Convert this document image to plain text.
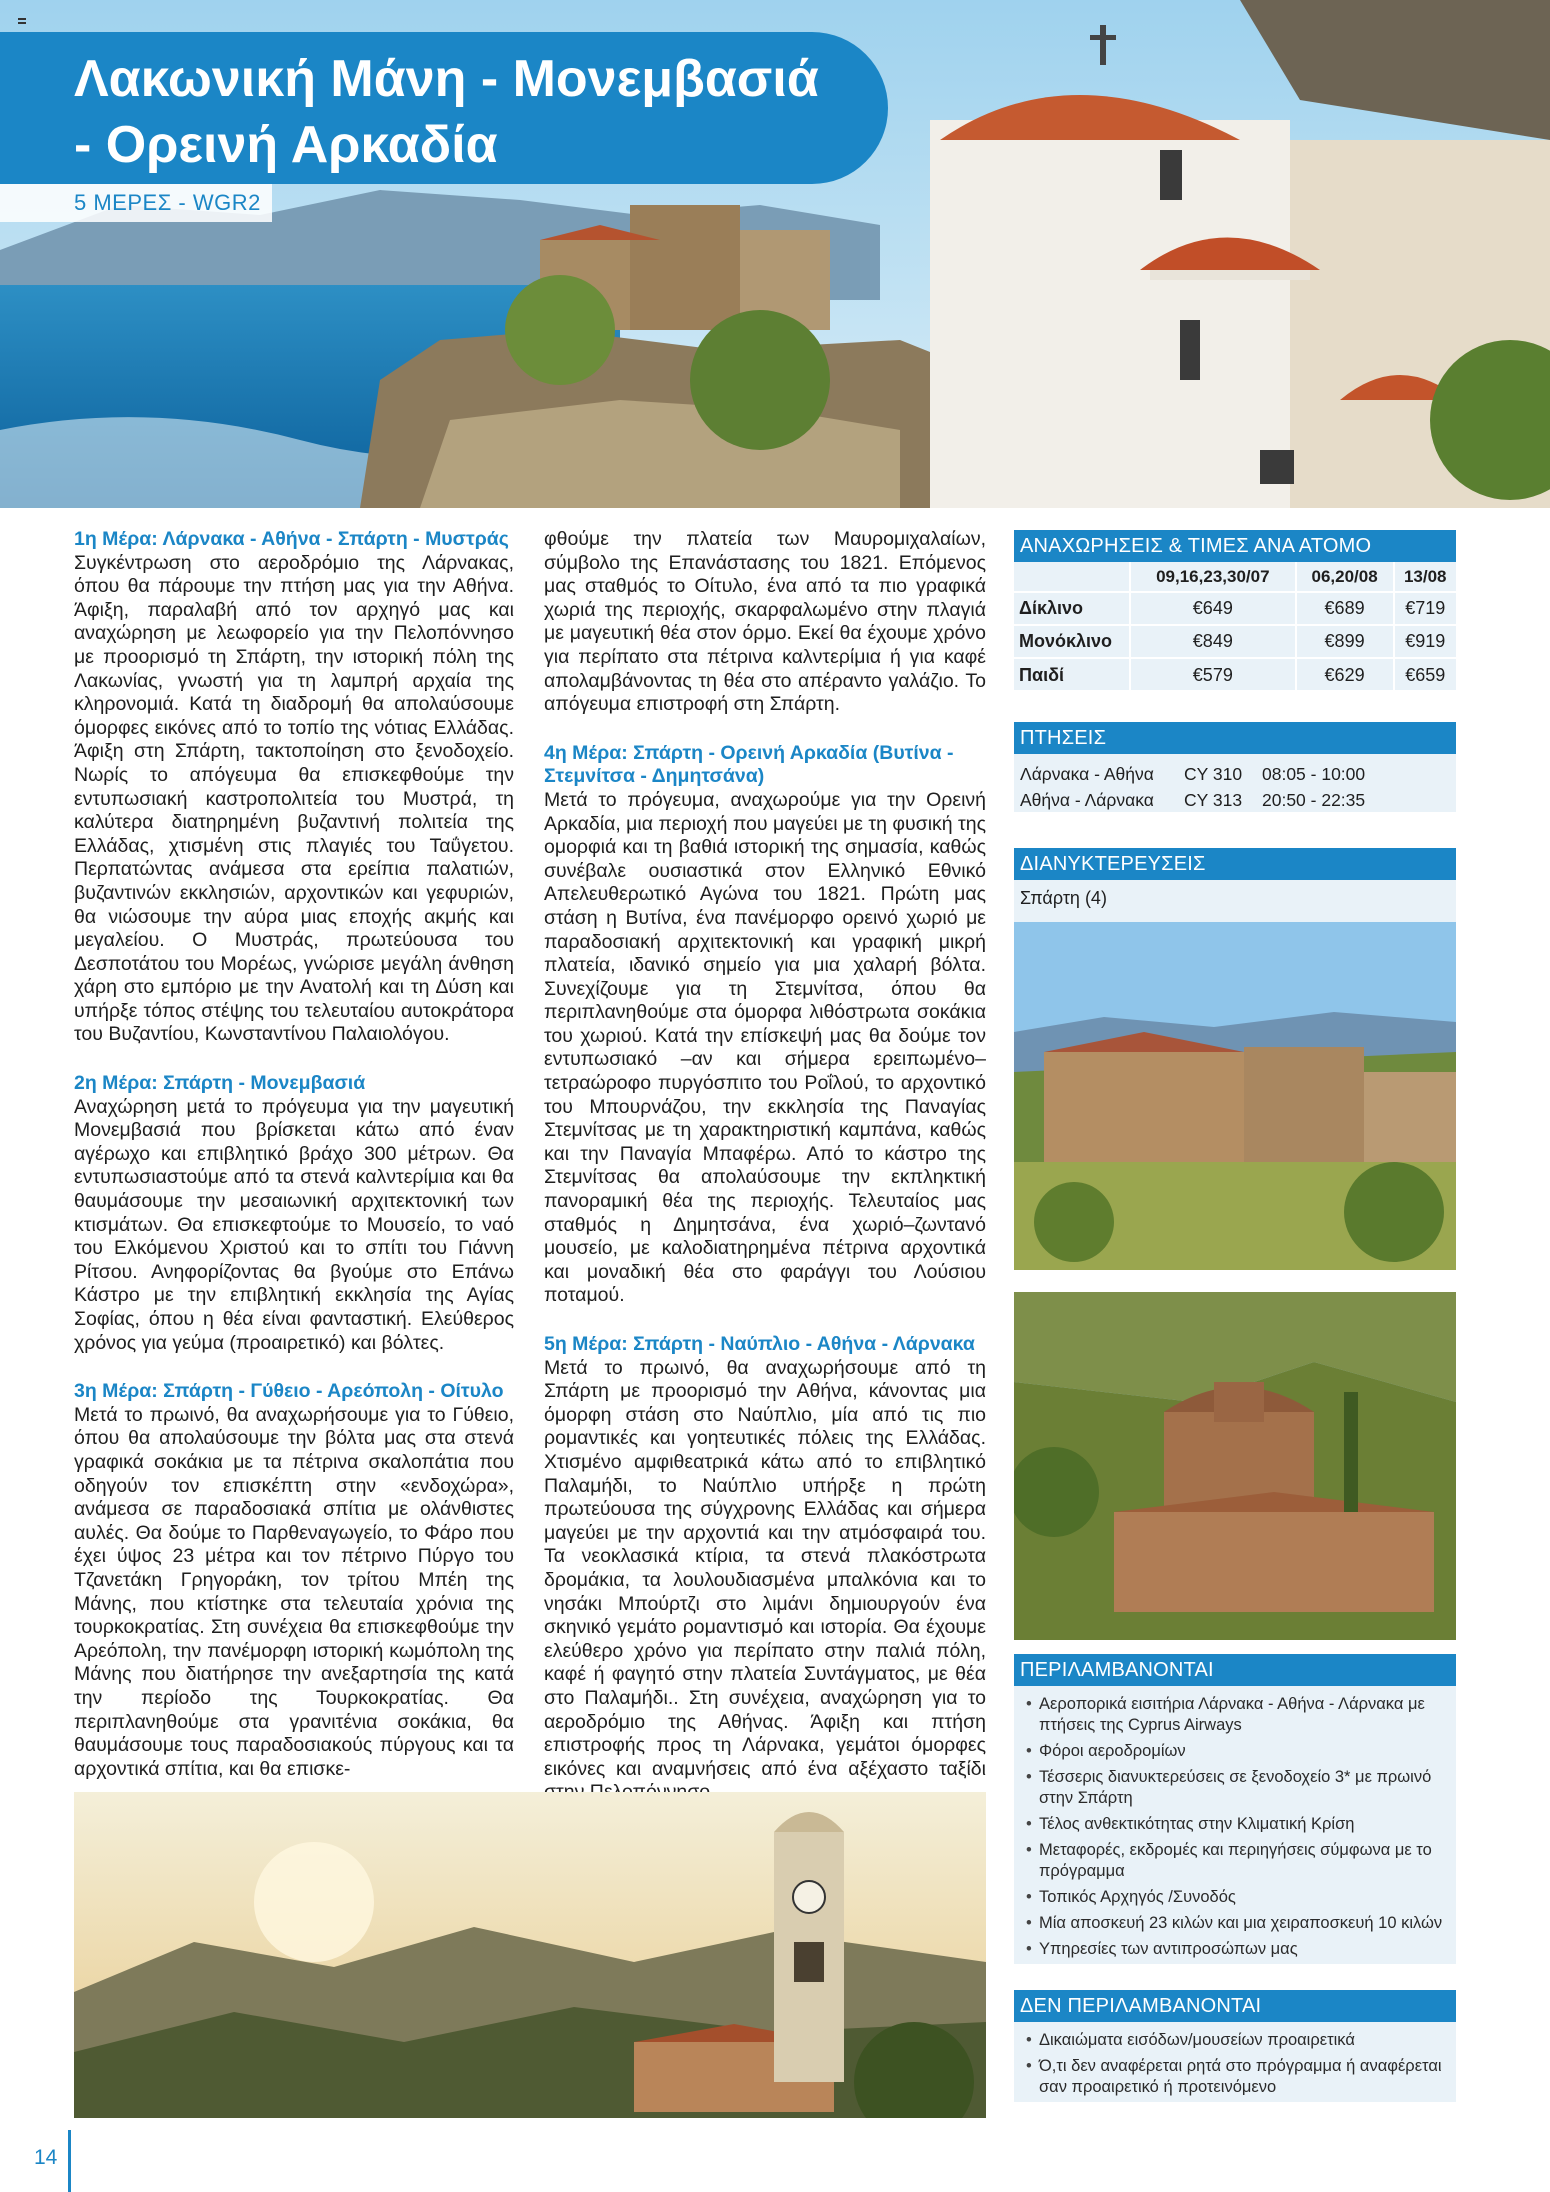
Λακωνική Μάνη - Μονεμβασιά
- Ορεινή Αρκαδία
5 ΜΕΡΕΣ - WGR2
1η Μέρα: Λάρνακα - Αθήνα - Σπάρτη - Μυστράς
Συγκέντρωση στο αεροδρόμιο της Λάρνακας, όπου θα πάρουμε την πτήση μας για την Αθήνα. Άφιξη, παραλαβή από τον αρχηγό μας και αναχώρηση με λεωφορείο για την Πελοπόννησο με προορισμό τη Σπάρτη, την ιστορική πόλη της Λακωνίας, γνωστή για τη λαμπρή αρχαία της κληρονομιά. Κατά τη διαδρομή θα απολαύσουμε όμορφες εικόνες από το τοπίο της νότιας Ελλάδας. Άφιξη στη Σπάρτη, τακτοποίηση στο ξενοδοχείο. Νωρίς το απόγευμα θα επισκεφθούμε την εντυπωσιακή καστροπολιτεία του Μυστρά, τη καλύτερα διατηρημένη βυζαντινή πολιτεία της Ελλάδας, χτισμένη στις πλαγιές του Ταΰγετου. Περπατώντας ανάμεσα στα ερείπια παλατιών, βυζαντινών εκκλησιών, αρχοντικών και γεφυριών, θα νιώσουμε την αύρα μιας εποχής ακμής και μεγαλείου. Ο Μυστράς, πρωτεύουσα του Δεσποτάτου του Μορέως, γνώρισε μεγάλη άνθηση χάρη στο εμπόριο με την Ανατολή και τη Δύση και υπήρξε τόπος στέψης του τελευταίου αυτοκράτορα του Βυζαντίου, Κωνσταντίνου Παλαιολόγου.
2η Μέρα: Σπάρτη - Μονεμβασιά
Αναχώρηση μετά το πρόγευμα για την μαγευτική Μονεμβασιά που βρίσκεται κάτω από έναν αγέρωχο και επιβλητικό βράχο 300 μέτρων. Θα εντυπωσιαστούμε από τα στενά καλντερίμια και θα θαυμάσουμε την μεσαιωνική αρχιτεκτονική των κτισμάτων. Θα επισκεφτούμε το Μουσείο, το ναό του Ελκόμενου Χριστού και το σπίτι του Γιάννη Ρίτσου. Ανηφορίζοντας θα βγούμε στο Επάνω Κάστρο με την επιβλητική εκκλησία της Αγίας Σοφίας, όπου η θέα είναι φανταστική. Ελεύθερος χρόνος για γεύμα (προαιρετικό) και βόλτες.
3η Μέρα: Σπάρτη - Γύθειο - Αρεόπολη - Οίτυλο
Μετά το πρωινό, θα αναχωρήσουμε για το Γύθειο, όπου θα απολαύσουμε την βόλτα μας στα στενά γραφικά σοκάκια με τα πέτρινα σκαλοπάτια που οδηγούν τον επισκέπτη στην «ενδοχώρα», ανάμεσα σε παραδοσιακά σπίτια με ολάνθιστες αυλές. Θα δούμε το Παρθεναγωγείο, το Φάρο που έχει ύψος 23 μέτρα και τον πέτρινο Πύργο του Τζανετάκη Γρηγοράκη, τον τρίτου Μπέη της Μάνης, που κτίστηκε στα τελευταία χρόνια της τουρκοκρατίας. Στη συνέχεια θα επισκεφθούμε την Αρεόπολη, την πανέμορφη ιστορική κωμόπολη της Μάνης που διατήρησε την ανεξαρτησία της κατά την περίοδο της Τουρκοκρατίας. Θα περιπλανηθούμε στα γρανιτένια σοκάκια, θα θαυμάσουμε τους παραδοσιακούς πύργους και τα αρχοντικά σπίτια, και θα επισκε-
φθούμε την πλατεία των Μαυρομιχαλαίων, σύμβολο της Επανάστασης του 1821. Επόμενος μας σταθμός το Οίτυλο, ένα από τα πιο γραφικά χωριά της περιοχής, σκαρφαλωμένο στην πλαγιά με μαγευτική θέα στον όρμο. Εκεί θα έχουμε χρόνο για περίπατο στα πέτρινα καλντερίμια ή για καφέ απολαμβάνοντας τη θέα στο απέραντο γαλάζιο. Το απόγευμα επιστροφή στη Σπάρτη.
4η Μέρα: Σπάρτη - Ορεινή Αρκαδία (Βυτίνα - Στεμνίτσα - Δημητσάνα)
Μετά το πρόγευμα, αναχωρούμε για την Ορεινή Αρκαδία, μια περιοχή που μαγεύει με τη φυσική της ομορφιά και τη βαθιά ιστορική της σημασία, καθώς συνέβαλε ουσιαστικά στον Ελληνικό Εθνικό Απελευθερωτικό Αγώνα του 1821. Πρώτη μας στάση η Βυτίνα, ένα πανέμορφο ορεινό χωριό με παραδοσιακή αρχιτεκτονική και γραφική μικρή πλατεία, ιδανικό σημείο για μια χαλαρή βόλτα. Συνεχίζουμε για τη Στεμνίτσα, όπου θα περιπλανηθούμε στα όμορφα λιθόστρωτα σοκάκια του χωριού. Κατά την επίσκεψή μας θα δούμε τον εντυπωσιακό –αν και σήμερα ερειπωμένο– τετραώροφο πυργόσπιτο του Ροΐλού, το αρχοντικό του Μπουρνάζου, την εκκλησία της Παναγίας Στεμνίτσας με τη χαρακτηριστική καμπάνα, καθώς και την Παναγία Μπαφέρω. Από το κάστρο της Στεμνίτσας θα απολαύσουμε την εκπληκτική πανοραμική θέα της περιοχής. Τελευταίος μας σταθμός η Δημητσάνα, ένα χωριό–ζωντανό μουσείο, με καλοδιατηρημένα πέτρινα αρχοντικά και μοναδική θέα στο φαράγγι του Λούσιου ποταμού.
5η Μέρα: Σπάρτη - Ναύπλιο - Αθήνα - Λάρνακα
Μετά το πρωινό, θα αναχωρήσουμε από τη Σπάρτη με προορισμό την Αθήνα, κάνοντας μια όμορφη στάση στο Ναύπλιο, μία από τις πιο ρομαντικές και γοητευτικές πόλεις της Ελλάδας. Χτισμένο αμφιθεατρικά κάτω από το επιβλητικό Παλαμήδι, το Ναύπλιο υπήρξε η πρώτη πρωτεύουσα της σύγχρονης Ελλάδας και σήμερα μαγεύει με την αρχοντιά και την ατμόσφαιρά του. Τα νεοκλασικά κτίρια, τα στενά πλακόστρωτα δρομάκια, τα λουλουδιασμένα μπαλκόνια και το νησάκι Μπούρτζι στο λιμάνι δημιουργούν ένα σκηνικό γεμάτο ρομαντισμό και ιστορία. Θα έχουμε ελεύθερο χρόνο για περίπατο στην παλιά πόλη, καφέ ή φαγητό στην πλατεία Συντάγματος, με θέα στο Παλαμήδι.. Στη συνέχεια, αναχώρηση για το αεροδρόμιο της Αθήνας. Άφιξη και πτήση επιστροφής προς τη Λάρνακα, γεμάτοι όμορφες εικόνες και αναμνήσεις από ένα αξέχαστο ταξίδι
ΑΝΑΧΩΡΗΣΕΙΣ & ΤΙΜΕΣ ΑΝΑ ΑΤΟΜΟ
	09,16,23,30/07	06,20/08	13/08
Δίκλινο	€649	€689	€719
Μονόκλινο	€849	€899	€919
Παιδί	€579	€629	€659
ΠΤΗΣΕΙΣ
Λάρνακα - Αθήνα	CY 310	08:05 - 10:00
Αθήνα - Λάρνακα	CY 313	20:50 - 22:35
ΔΙΑΝΥΚΤΕΡΕΥΣΕΙΣ
Σπάρτη (4)
ΠΕΡΙΛΑΜΒΑΝΟΝΤΑΙ
• Αεροπορικά εισιτήρια Λάρνακα - Αθήνα - Λάρνακα με πτήσεις της Cyprus Airways
• Φόροι αεροδρομίων
• Τέσσερις διανυκτερεύσεις σε ξενοδοχείο 3* με πρωινό στην Σπάρτη
• Τέλος ανθεκτικότητας στην Κλιματική Κρίση
• Μεταφορές, εκδρομές και περιηγήσεις σύμφωνα με το πρόγραμμα
• Τοπικός Αρχηγός /Συνοδός
• Μία αποσκευή 23 κιλών και μια χειραποσκευή 10 κιλών
• Υπηρεσίες των αντιπροσώπων μας
ΔΕΝ ΠΕΡΙΛΑΜΒΑΝΟΝΤΑΙ
• Δικαιώματα εισόδων/μουσείων προαιρετικά
• Ό,τι δεν αναφέρεται ρητά στο πρόγραμμα ή αναφέρεται σαν προαιρετικό ή προτεινόμενο
14
